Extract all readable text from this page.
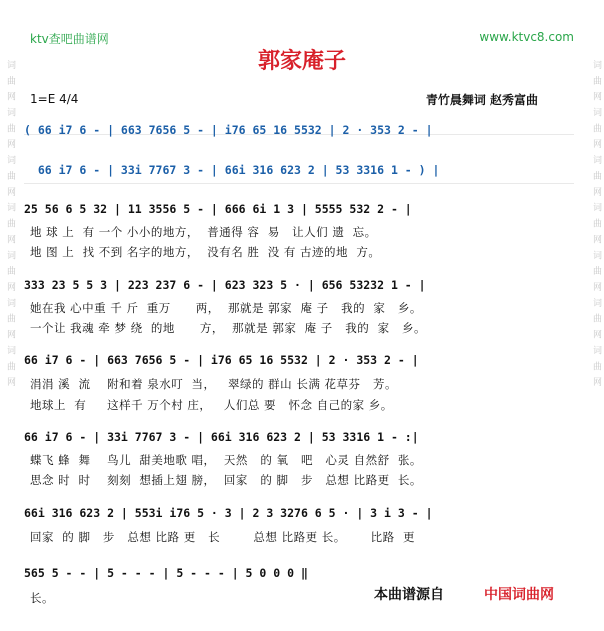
词 曲 网 词 曲 网 词 曲 网 词 曲 网 词 曲 网 词 曲 网 词 曲 网	词 曲 网 词 曲 网 词 曲 网 词 曲 网 词 曲 网 词 曲 网 词 曲 网
ktv查吧曲谱网	www.ktvc8.com
郭家庵子
1=E 4/4	青竹晨舞词 赵秀富曲
( 66 i7 6 - | 663 7656 5 - | i76 65 16 5532 | 2 · 353 2 - |
66 i7 6 - | 33i 7767 3 - | 66i 316 623 2 | 53 3316 1 - ) |
25 56 6 5 32 | 11 3556 5 - | 666 6i 1 3 | 5555 532 2 - |
地 球 上  有 一个 小小的地方，  普通得 容  易   让人们 遗  忘。
地 图 上  找 不到 名字的地方，  没有名 胜  没 有 古迹的地  方。
333 23 5 5 3 | 223 237 6 - | 623 323 5 · | 656 53232 1 - |
她在我 心中重 千 斤  重万      两，  那就是 郭家  庵 子   我的  家   乡。
一个让 我魂 牵 梦 绕  的地      方，  那就是 郭家  庵 子   我的  家   乡。
66 i7 6 - | 663 7656 5 - | i76 65 16 5532 | 2 · 353 2 - |
涓涓 溪  流    附和着 泉水叮  当，   翠绿的 群山 长满 花草芬   芳。
地球上  有     这样千 万个村 庄，   人们总 要   怀念 自己的家 乡。
66 i7 6 - | 33i 7767 3 - | 66i 316 623 2 | 53 3316 1 - :|
蝶飞 蜂  舞    鸟儿  甜美地歌 唱，  天然   的 氧   吧   心灵 自然舒  张。
思念 时  时    刻刻  想插上翅 膀，  回家   的 脚   步   总想 比路更  长。
66i 316 623 2 | 553i i76 5 · 3 | 2 3 3276 6 5 · | 3 i 3 - |
回家  的 脚   步   总想 比路 更   长        总想 比路更 长。      比路  更
565 5 - - | 5 - - - | 5 - - - | 5 0 0 0 ‖
长。	本曲谱源自	中国词曲网
